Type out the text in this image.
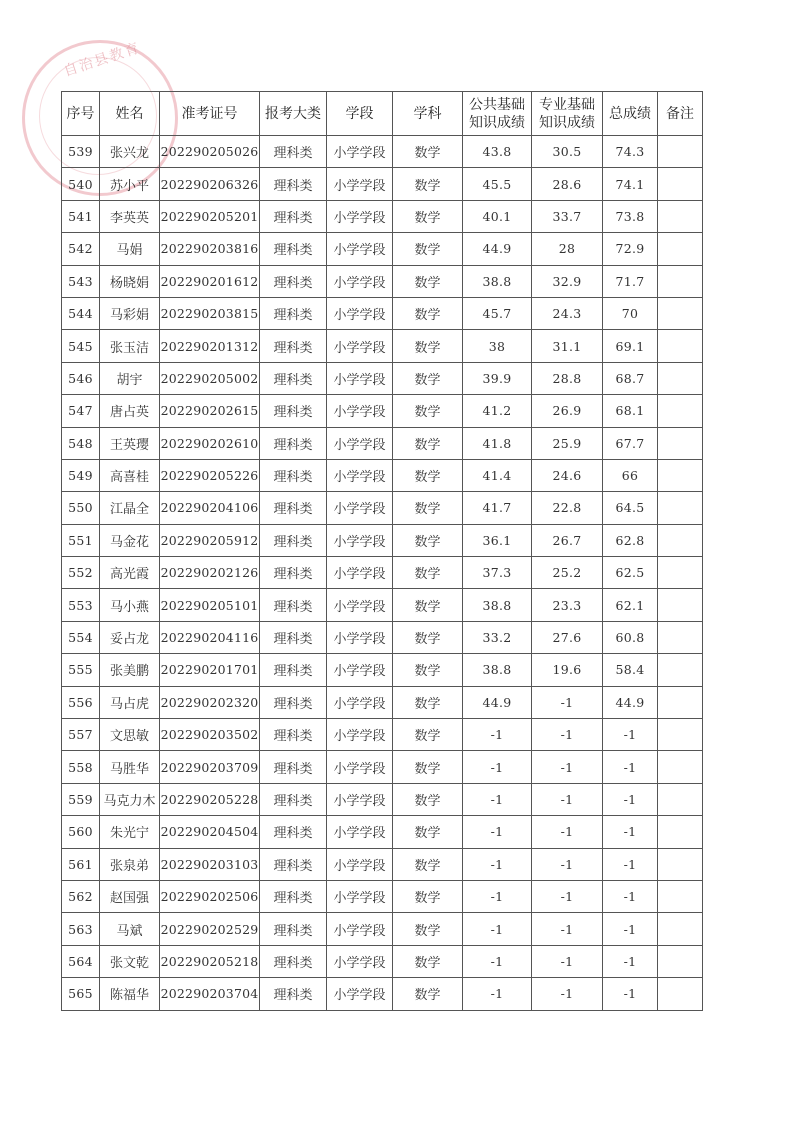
自治县教育
序号	姓名	准考证号	报考大类	学段	学科	公共基础
知识成绩	专业基础
知识成绩	总成绩	备注
539	张兴龙	202290205026	理科类	小学学段	数学	43.8	30.5	74.3	
540	苏小平	202290206326	理科类	小学学段	数学	45.5	28.6	74.1	
541	李英英	202290205201	理科类	小学学段	数学	40.1	33.7	73.8	
542	马娟	202290203816	理科类	小学学段	数学	44.9	28	72.9	
543	杨晓娟	202290201612	理科类	小学学段	数学	38.8	32.9	71.7	
544	马彩娟	202290203815	理科类	小学学段	数学	45.7	24.3	70	
545	张玉洁	202290201312	理科类	小学学段	数学	38	31.1	69.1	
546	胡宇	202290205002	理科类	小学学段	数学	39.9	28.8	68.7	
547	唐占英	202290202615	理科类	小学学段	数学	41.2	26.9	68.1	
548	王英璎	202290202610	理科类	小学学段	数学	41.8	25.9	67.7	
549	高喜桂	202290205226	理科类	小学学段	数学	41.4	24.6	66	
550	江晶全	202290204106	理科类	小学学段	数学	41.7	22.8	64.5	
551	马金花	202290205912	理科类	小学学段	数学	36.1	26.7	62.8	
552	高光霞	202290202126	理科类	小学学段	数学	37.3	25.2	62.5	
553	马小燕	202290205101	理科类	小学学段	数学	38.8	23.3	62.1	
554	妥占龙	202290204116	理科类	小学学段	数学	33.2	27.6	60.8	
555	张美鹏	202290201701	理科类	小学学段	数学	38.8	19.6	58.4	
556	马占虎	202290202320	理科类	小学学段	数学	44.9	-1	44.9	
557	文思敏	202290203502	理科类	小学学段	数学	-1	-1	-1	
558	马胜华	202290203709	理科类	小学学段	数学	-1	-1	-1	
559	马克力木	202290205228	理科类	小学学段	数学	-1	-1	-1	
560	朱光宁	202290204504	理科类	小学学段	数学	-1	-1	-1	
561	张泉弟	202290203103	理科类	小学学段	数学	-1	-1	-1	
562	赵国强	202290202506	理科类	小学学段	数学	-1	-1	-1	
563	马斌	202290202529	理科类	小学学段	数学	-1	-1	-1	
564	张文乾	202290205218	理科类	小学学段	数学	-1	-1	-1	
565	陈福华	202290203704	理科类	小学学段	数学	-1	-1	-1	
